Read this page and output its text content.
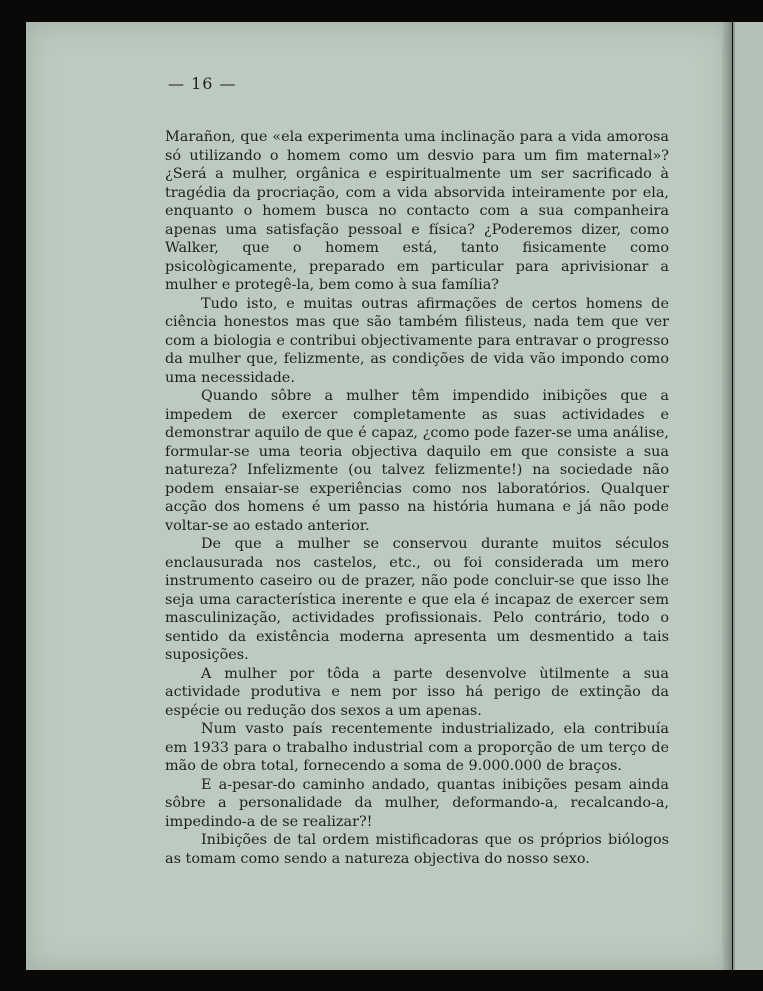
— 16 —

Marañon, que «ela experimenta uma inclinação para a vida amorosa só utilizando o homem como um desvio para um fim maternal»? ¿Será a mulher, orgânica e espiritualmente um ser sacrificado à tragédia da procriação, com a vida absorvida inteiramente por ela, enquanto o homem busca no contacto com a sua companheira apenas uma satisfação pessoal e física? ¿Poderemos dizer, como Walker, que o homem está, tanto fisicamente como psicològicamente, preparado em particular para aprivisionar a mulher e protegê-la, bem como à sua família?

Tudo isto, e muitas outras afirmações de certos homens de ciência honestos mas que são também filisteus, nada tem que ver com a biologia e contribui objectivamente para entravar o progresso da mulher que, felizmente, as condições de vida vão impondo como uma necessidade.

Quando sôbre a mulher têm impendido inibições que a impedem de exercer completamente as suas actividades e demonstrar aquilo de que é capaz, ¿como pode fazer-se uma análise, formular-se uma teoria objectiva daquilo em que consiste a sua natureza? Infelizmente (ou talvez felizmente!) na sociedade não podem ensaiar-se experiências como nos laboratórios. Qualquer acção dos homens é um passo na história humana e já não pode voltar-se ao estado anterior.

De que a mulher se conservou durante muitos séculos enclausurada nos castelos, etc., ou foi considerada um mero instrumento caseiro ou de prazer, não pode concluir-se que isso lhe seja uma característica inerente e que ela é incapaz de exercer sem masculinização, actividades profissionais. Pelo contrário, todo o sentido da existência moderna apresenta um desmentido a tais suposições.

A mulher por tôda a parte desenvolve ùtilmente a sua actividade produtiva e nem por isso há perigo de extinção da espécie ou redução dos sexos a um apenas.

Num vasto país recentemente industrializado, ela contribuía em 1933 para o trabalho industrial com a proporção de um terço de mão de obra total, fornecendo a soma de 9.000.000 de braços.

E a-pesar-do caminho andado, quantas inibições pesam ainda sôbre a personalidade da mulher, deformando-a, recalcando-a, impedindo-a de se realizar?!

Inibições de tal ordem mistificadoras que os próprios biólogos as tomam como sendo a natureza objectiva do nosso sexo.
